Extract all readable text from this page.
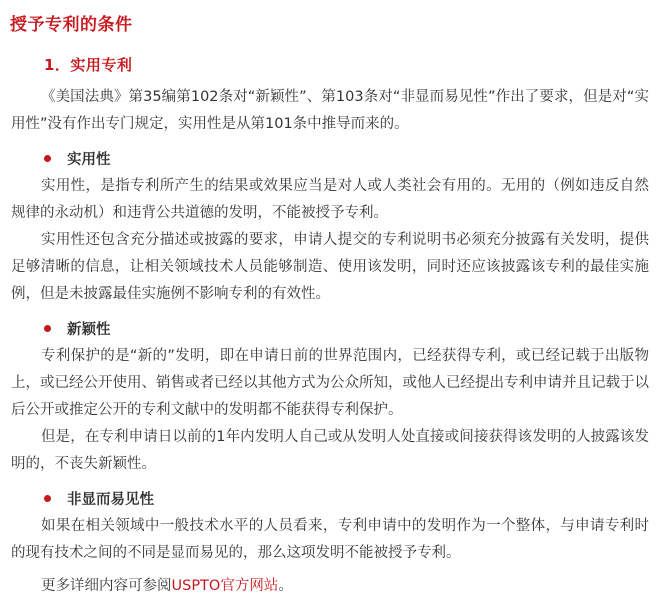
授予专利的条件
1．实用专利

《美国法典》第35编第102条对“新颖性”、第103条对“非显而易见性”作出了要求，但是对“实用性”没有作出专门规定，实用性是从第101条中推导而来的。

实用性

实用性，是指专利所产生的结果或效果应当是对人或人类社会有用的。无用的（例如违反自然规律的永动机）和违背公共道德的发明，不能被授予专利。

实用性还包含充分描述或披露的要求，申请人提交的专利说明书必须充分披露有关发明，提供足够清晰的信息，让相关领域技术人员能够制造、使用该发明，同时还应该披露该专利的最佳实施例，但是未披露最佳实施例不影响专利的有效性。

新颖性

专利保护的是“新的”发明，即在申请日前的世界范围内，已经获得专利，或已经记载于出版物上，或已经公开使用、销售或者已经以其他方式为公众所知，或他人已经提出专利申请并且记载于以后公开或推定公开的专利文献中的发明都不能获得专利保护。

但是，在专利申请日以前的1年内发明人自己或从发明人处直接或间接获得该发明的人披露该发明的，不丧失新颖性。

非显而易见性

如果在相关领域中一般技术水平的人员看来，专利申请中的发明作为一个整体，与申请专利时的现有技术之间的不同是显而易见的，那么这项发明不能被授予专利。

更多详细内容可参阅USPTO官方网站。
